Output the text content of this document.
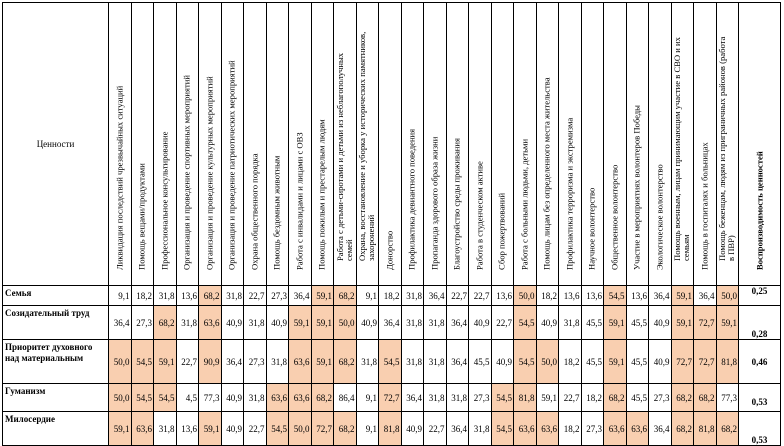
Ценности	Ликвидация последствий чрезвычайных ситуаций	Помощь вещами/продуктами	Профессиональное консультирование	Организация и проведение спортивных мероприятий	Организация и проведение культурных мероприятий	Организация и проведение патриотических мероприятий	Охрана общественного порядка	Помощь бездомным животным	Работа с инвалидами и лицами с ОВЗ	Помощь пожилым и престарелым людям	Работа с детьми-сиротами и детьми из неблагополучных семей	Охрана, восстановление и уборка у исторических памятников, захоронений	Донорство	Профилактика девиантного поведения	Пропаганда здорового образа жизни	Благоустройство среды проживания	Работа в студенческом активе	Сбор пожертвований	Работа с больными людьми, детьми	Помощь лицам без определенного места жительства	Профилактика терроризма и экстремизма	Научное волонтерство	Общественное волонтерство	Участие в мероприятиях волонтеров Победы	Экологическое волонтерство	Помощь военным, лицам принимающим участие в СВО и их семьям	Помощь в госпиталях и больницах	Помощь беженцам, людям из приграничных районов (работа в ПВР)	Воспроизводимость ценностей

Семья	9,1	18,2	31,8	13,6	68,2	31,8	22,7	27,3	36,4	59,1	68,2	9,1	18,2	31,8	36,4	22,7	22,7	13,6	50,0	18,2	13,6	13,6	54,5	13,6	36,4	59,1	36,4	50,0	0,25
Созидательный труд	36,4	27,3	68,2	31,8	63,6	40,9	31,8	40,9	59,1	59,1	50,0	40,9	36,4	31,8	31,8	36,4	40,9	22,7	54,5	40,9	31,8	45,5	59,1	45,5	40,9	59,1	72,7	59,1	0,28
Приоритет духовного над материальным	50,0	54,5	59,1	22,7	90,9	36,4	27,3	31,8	63,6	59,1	68,2	31,8	54,5	31,8	31,8	36,4	45,5	40,9	54,5	50,0	18,2	45,5	59,1	45,5	40,9	72,7	72,7	81,8	0,46
Гуманизм	50,0	54,5	54,5	4,5	77,3	40,9	31,8	63,6	63,6	68,2	86,4	9,1	72,7	36,4	31,8	31,8	27,3	54,5	81,8	59,1	22,7	18,2	68,2	45,5	27,3	68,2	68,2	77,3	0,53
Милосердие	59,1	63,6	31,8	13,6	59,1	40,9	22,7	54,5	50,0	72,7	68,2	9,1	81,8	40,9	22,7	36,4	31,8	54,5	63,6	63,6	18,2	27,3	63,6	63,6	36,4	68,2	81,8	68,2	0,53
